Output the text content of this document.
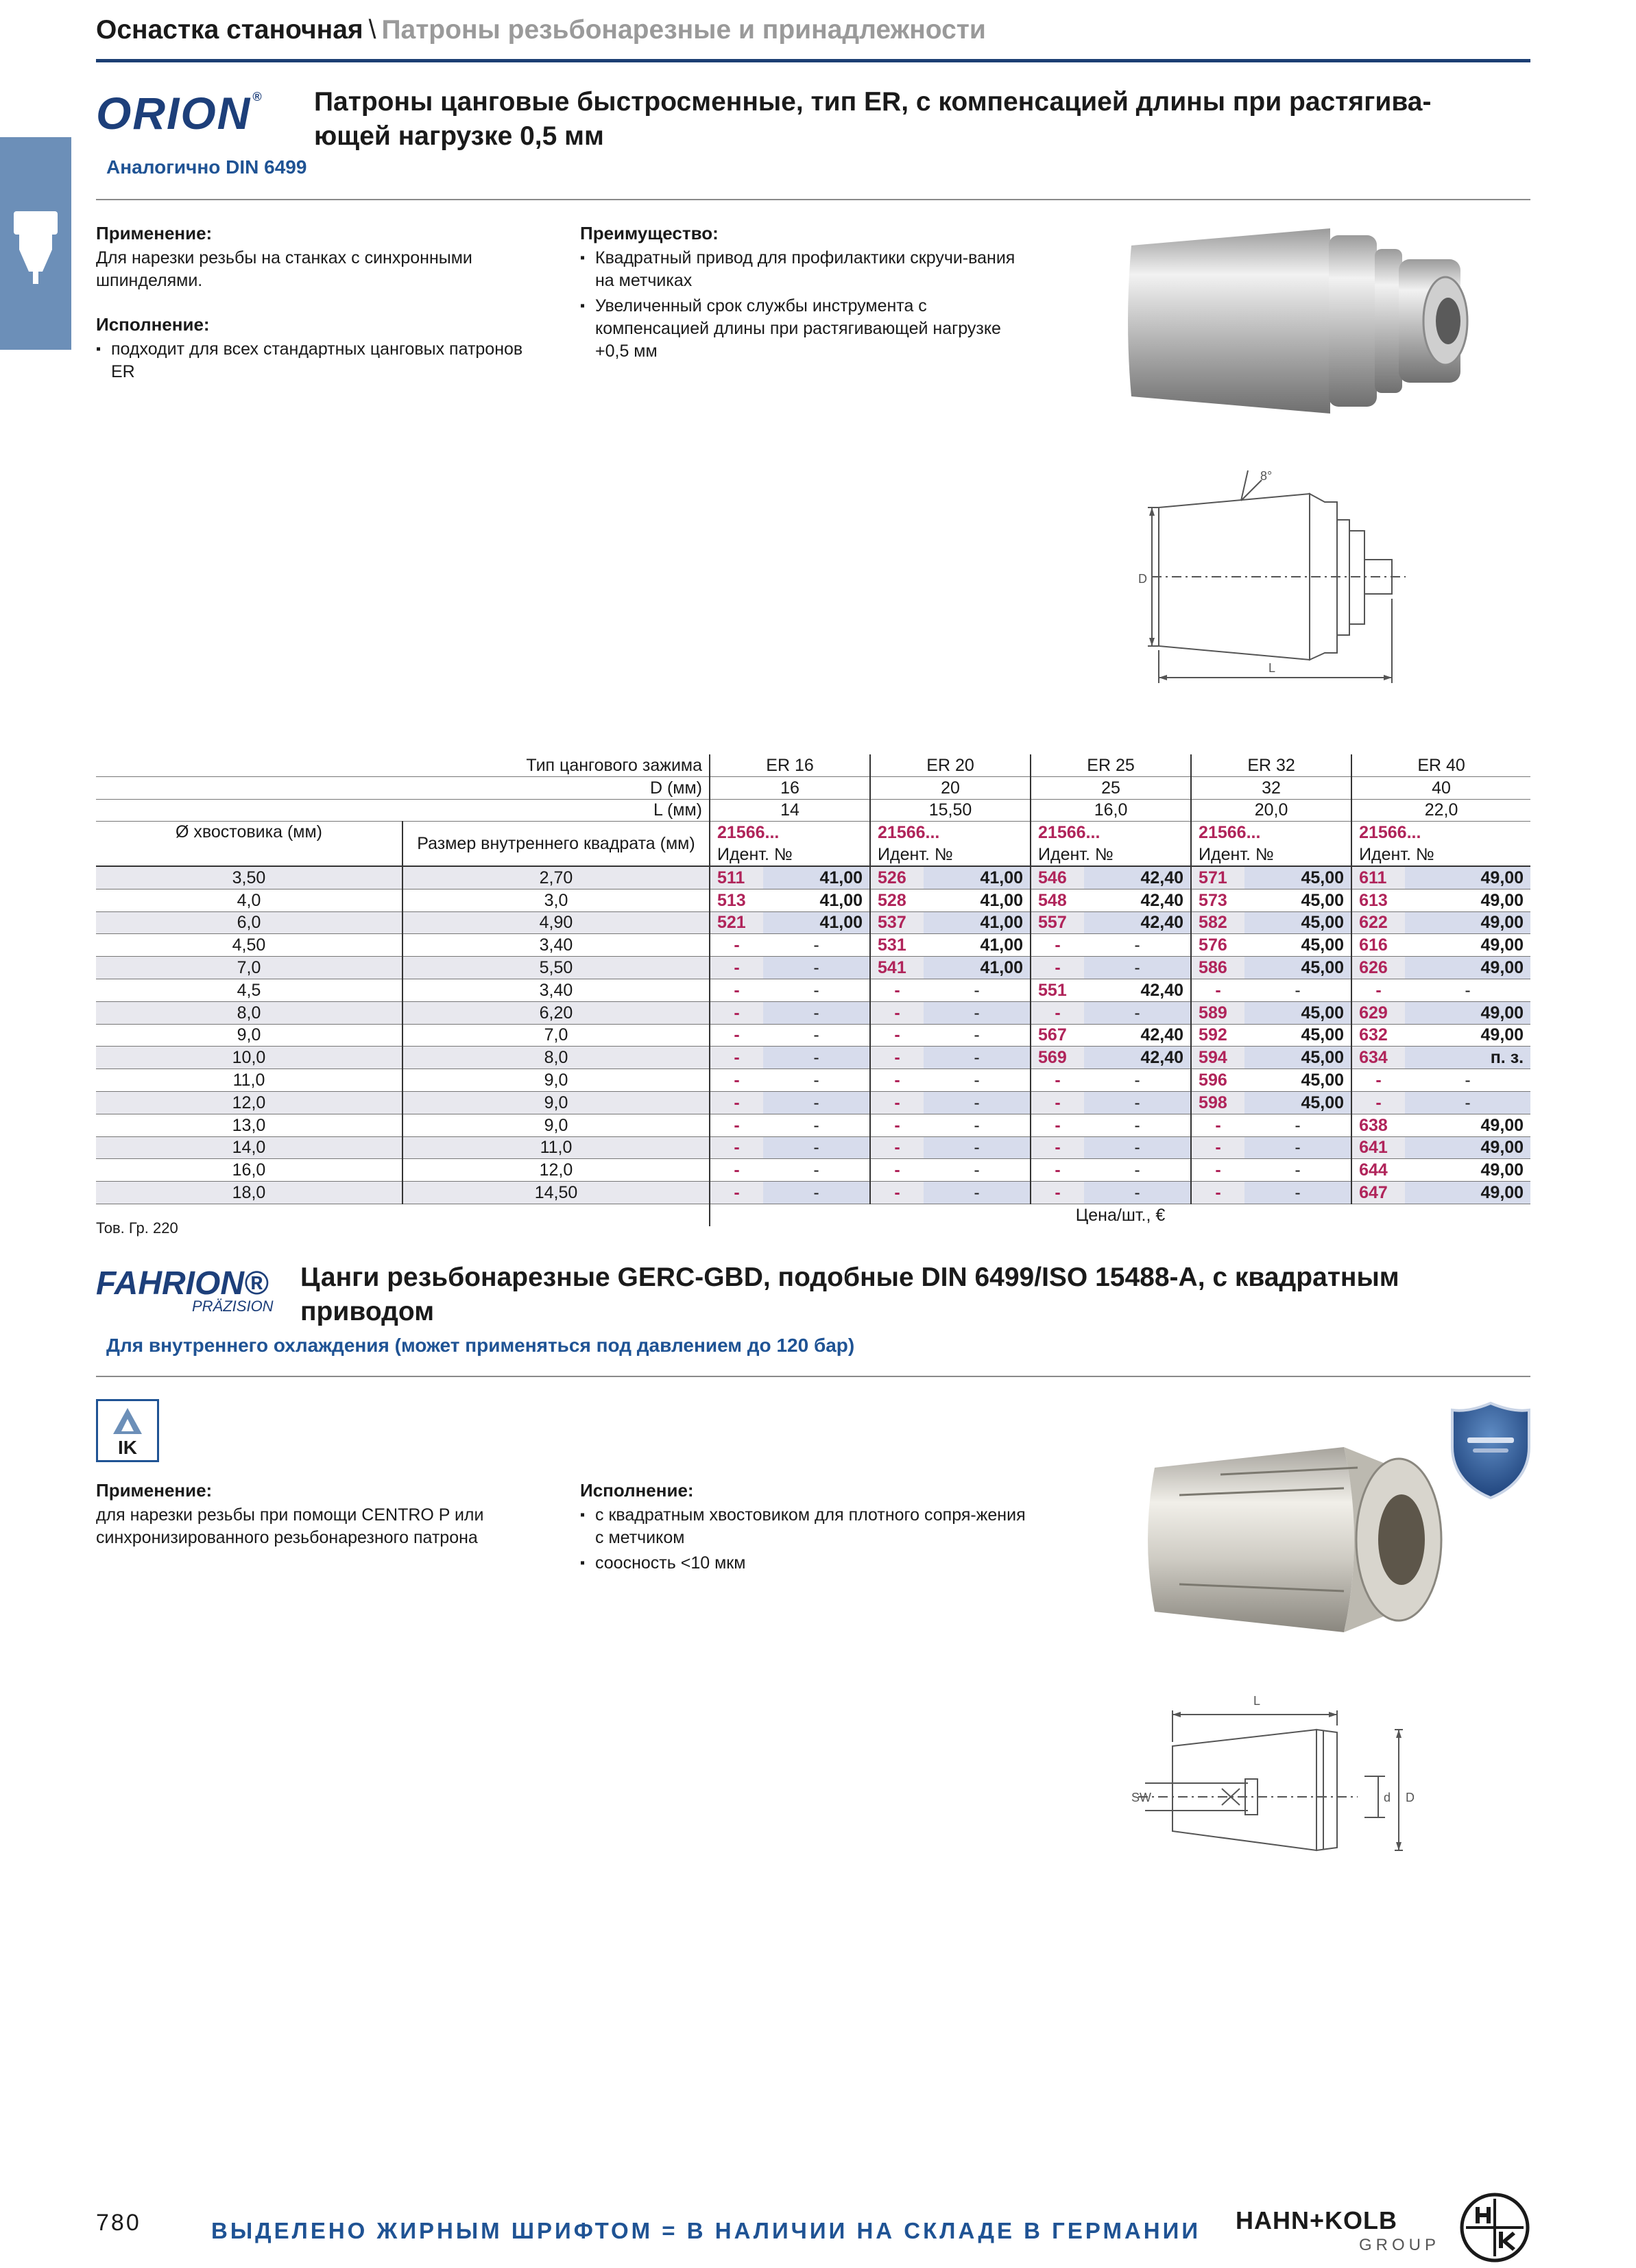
Оснастка станочная \ Патроны резьбонарезные и принадлежности
ORION ® Патроны цанговые быстросменные, тип ER, с компенсацией длины при растягива-
ющей нагрузке 0,5 мм
Аналогично DIN 6499
Применение:
Для нарезки резьбы на станках с синхронными шпинделями.
Исполнение:
▪ подходит для всех стандартных цанговых патронов ER
Преимущество:
▪ Квадратный привод для профилактики скручи-вания на метчиках
▪ Увеличенный срок службы инструмента с компенсацией длины при растягивающей нагрузке +0,5 мм
8°
D
L
Тип цангового зажима		ER 16		ER 20		ER 25		ER 32		ER 40	
D (мм)		16		20		25		32		40	
L (мм)		14		15,50		16,0		20,0		22,0	
Ø хвостовика (мм)	Размер внутреннего квадрата (мм)	21566...		21566...		21566...		21566...		21566...	
		Идент. №		Идент. №		Идент. №		Идент. №		Идент. №	
3,50	2,70	511	41,00	526	41,00	546	42,40	571	45,00	611	49,00
4,0	3,0	513	41,00	528	41,00	548	42,40	573	45,00	613	49,00
6,0	4,90	521	41,00	537	41,00	557	42,40	582	45,00	622	49,00
4,50	3,40	-	-	531	41,00	-	-	576	45,00	616	49,00
7,0	5,50	-	-	541	41,00	-	-	586	45,00	626	49,00
4,5	3,40	-	-	-	-	551	42,40	-	-	-	-
8,0	6,20	-	-	-	-	-	-	589	45,00	629	49,00
9,0	7,0	-	-	-	-	567	42,40	592	45,00	632	49,00
10,0	8,0	-	-	-	-	569	42,40	594	45,00	634	п. з.
11,0	9,0	-	-	-	-	-	-	596	45,00	-	-
12,0	9,0	-	-	-	-	-	-	598	45,00	-	-
13,0	9,0	-	-	-	-	-	-	-	-	638	49,00
14,0	11,0	-	-	-	-	-	-	-	-	641	49,00
16,0	12,0	-	-	-	-	-	-	-	-	644	49,00
18,0	14,50	-	-	-	-	-	-	-	-	647	49,00
		Цена/шт., €									
Тов. Гр. 220
FAHRION®
PRÄZISION
Цанги резьбонарезные GERC-GBD, подобные DIN 6499/ISO 15488-A, с квадратным
приводом
Для внутреннего охлаждения (может применяться под давлением до 120 бар)
IK
Применение:
для нарезки резьбы при помощи CENTRO P или синхронизированного резьбонарезного патрона
Исполнение:
▪ с квадратным хвостовиком для плотного сопря-жения с метчиком
▪ соосность <10 мкм
L
SW	d D
780	ВЫДЕЛЕНО ЖИРНЫМ ШРИФТОМ = В НАЛИЧИИ НА СКЛАДЕ В ГЕРМАНИИ HAHN+KOLB
GROUP
